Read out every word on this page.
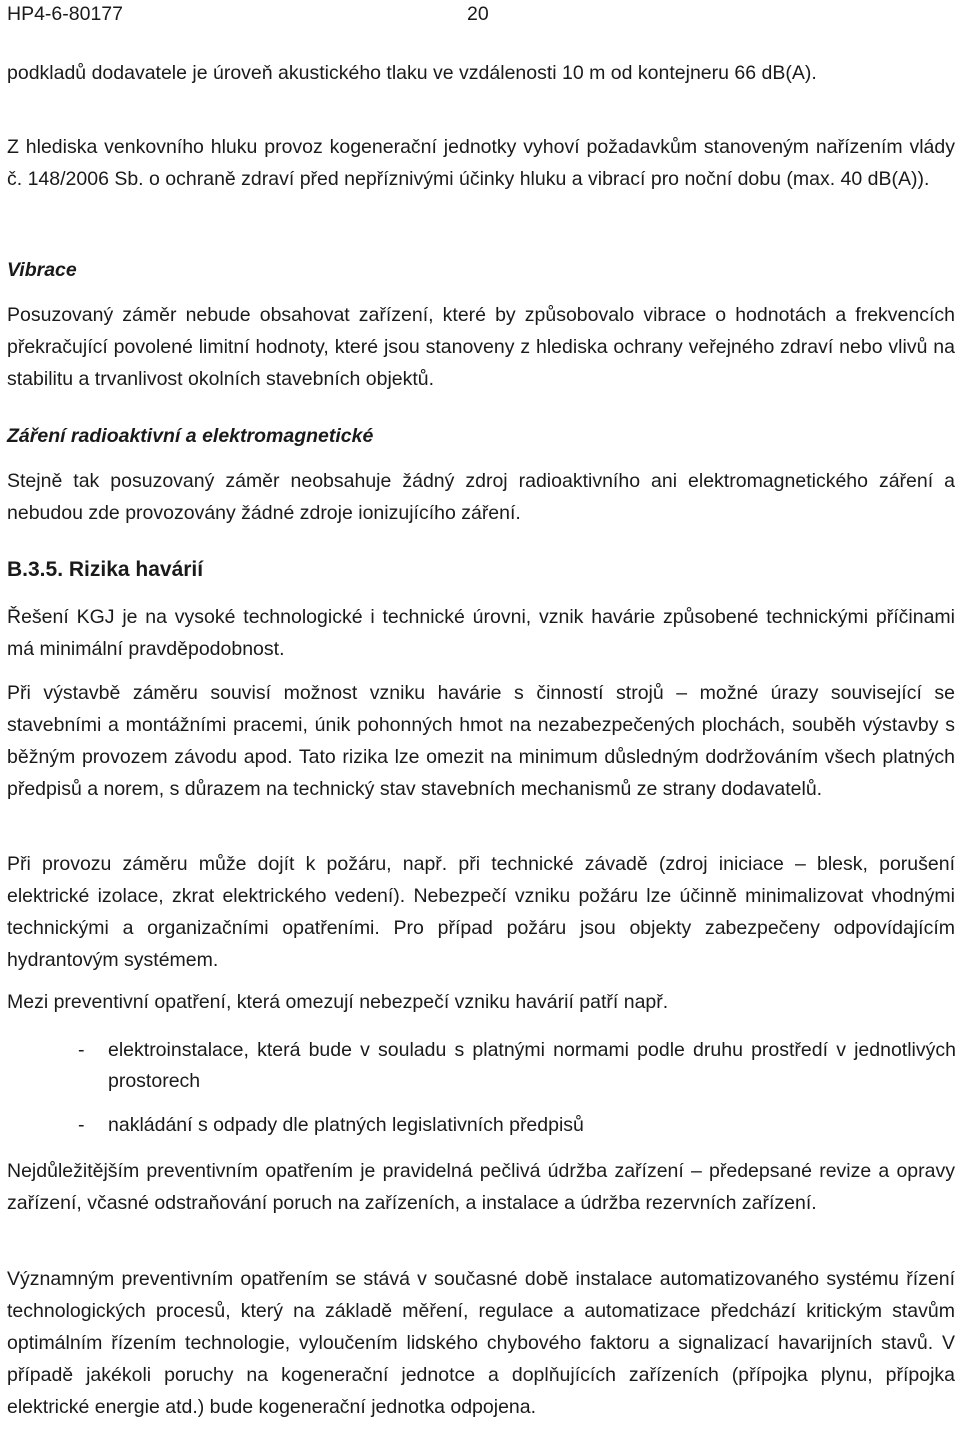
HP4-6-80177	20
podkladů dodavatele je úroveň akustického tlaku ve vzdálenosti 10 m od kontejneru 66 dB(A).
Z hlediska venkovního hluku provoz kogenerační jednotky vyhoví požadavkům stanoveným nařízením vlády č. 148/2006 Sb. o ochraně zdraví před nepříznivými účinky hluku a vibrací pro noční dobu (max. 40 dB(A)).
Vibrace
Posuzovaný záměr nebude obsahovat zařízení, které by způsobovalo vibrace o hodnotách a frekvencích překračující povolené limitní hodnoty, které jsou stanoveny z hlediska ochrany veřejného zdraví nebo vlivů na stabilitu a trvanlivost okolních stavebních objektů.
Záření radioaktivní a elektromagnetické
Stejně tak posuzovaný záměr neobsahuje žádný zdroj radioaktivního ani elektromagnetického záření a nebudou zde provozovány žádné zdroje ionizujícího záření.
B.3.5. Rizika havárií
Řešení KGJ je na vysoké technologické i technické úrovni, vznik havárie způsobené technickými příčinami má minimální pravděpodobnost.
Při výstavbě záměru souvisí možnost vzniku havárie s činností strojů – možné úrazy související se stavebními a montážními pracemi, únik pohonných hmot na nezabezpečených plochách, souběh výstavby s běžným provozem závodu apod. Tato rizika lze omezit na minimum důsledným dodržováním všech platných předpisů a norem, s důrazem na technický stav stavebních mechanismů ze strany dodavatelů.
Při provozu záměru může dojít k požáru, např. při technické závadě (zdroj iniciace – blesk, porušení elektrické izolace, zkrat elektrického vedení). Nebezpečí vzniku požáru lze účinně minimalizovat vhodnými technickými a organizačními opatřeními. Pro případ požáru jsou objekty zabezpečeny odpovídajícím hydrantovým systémem.
Mezi preventivní opatření, která omezují nebezpečí vzniku havárií patří např.
- elektroinstalace, která bude v souladu s platnými normami podle druhu prostředí v jednotlivých prostorech
- nakládání s odpady dle platných legislativních předpisů
Nejdůležitějším preventivním opatřením je pravidelná pečlivá údržba zařízení – předepsané revize a opravy zařízení, včasné odstraňování poruch na zařízeních, a instalace a údržba rezervních zařízení.
Významným preventivním opatřením se stává v současné době instalace automatizovaného systému řízení technologických procesů, který na základě měření, regulace a automatizace předchází kritickým stavům optimálním řízením technologie, vyloučením lidského chybového faktoru a signalizací havarijních stavů. V případě jakékoli poruchy na kogenerační jednotce a doplňujících zařízeních (přípojka plynu, přípojka elektrické energie atd.) bude kogenerační jednotka odpojena.
